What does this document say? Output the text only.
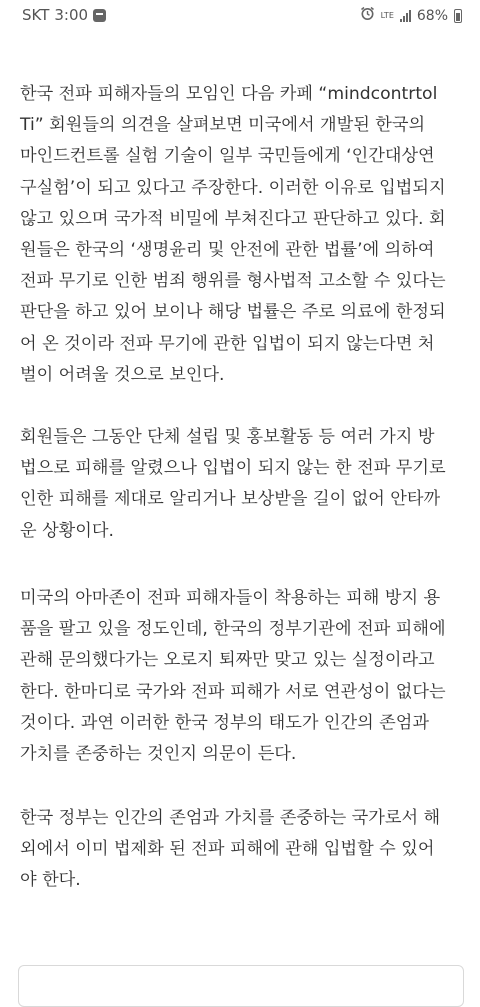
한국 전파 피해자들의 모임인 다음 카페 “mindcontrtol
Ti” 회원들의 의견을 살펴보면 미국에서 개발된 한국의
마인드컨트롤 실험 기술이 일부 국민들에게 ‘인간대상연
구실험’이 되고 있다고 주장한다. 이러한 이유로 입법되지
않고 있으며 국가적 비밀에 부쳐진다고 판단하고 있다. 회
원들은 한국의 ‘생명윤리 및 안전에 관한 법률’에 의하여
전파 무기로 인한 범죄 행위를 형사법적 고소할 수 있다는
판단을 하고 있어 보이나 해당 법률은 주로 의료에 한정되
어 온 것이라 전파 무기에 관한 입법이 되지 않는다면 처
벌이 어려울 것으로 보인다.
회원들은 그동안 단체 설립 및 홍보활동 등 여러 가지 방
법으로 피해를 알렸으나 입법이 되지 않는 한 전파 무기로
인한 피해를 제대로 알리거나 보상받을 길이 없어 안타까
운 상황이다.
미국의 아마존이 전파 피해자들이 착용하는 피해 방지 용
품을 팔고 있을 정도인데, 한국의 정부기관에 전파 피해에
관해 문의했다가는 오로지 퇴짜만 맞고 있는 실정이라고
한다. 한마디로 국가와 전파 피해가 서로 연관성이 없다는
것이다. 과연 이러한 한국 정부의 태도가 인간의 존엄과
가치를 존중하는 것인지 의문이 든다.
한국 정부는 인간의 존엄과 가치를 존중하는 국가로서 해
외에서 이미 법제화 된 전파 피해에 관해 입법할 수 있어
야 한다.
SKT 3:00	LTE 68%
